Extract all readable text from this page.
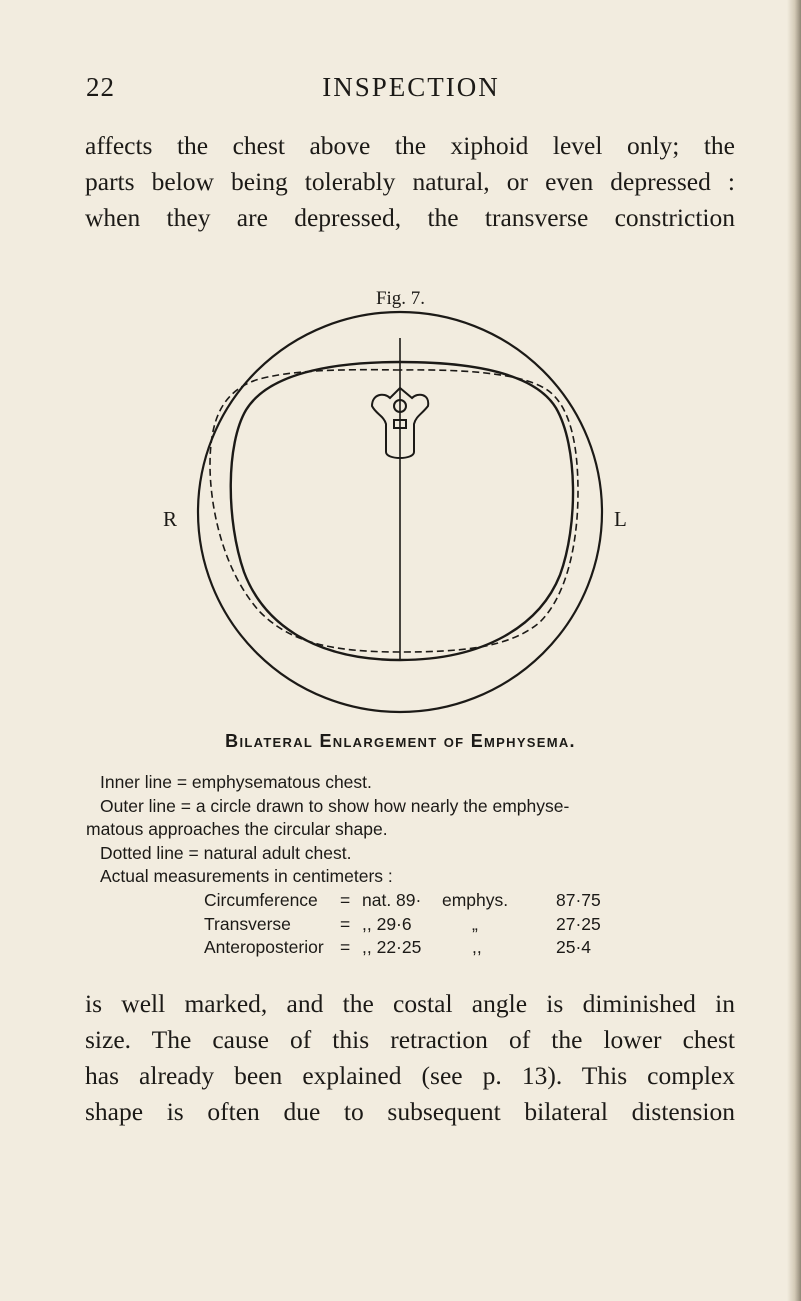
22	INSPECTION
affects the chest above the xiphoid level only; the
parts below being tolerably natural, or even depressed :
when they are depressed, the transverse constriction
Fig. 7.
R	L
Bilateral Enlargement of Emphysema.
Inner line = emphysematous chest.
Outer line = a circle drawn to show how nearly the emphyse-
matous approaches the circular shape.
Dotted line = natural adult chest.
Actual measurements in centimeters :
Circumference	=	nat. 89·	emphys.	87·75
Transverse	=	,, 29·6	„	27·25
Anteroposterior	=	,, 22·25	,,	25·4
is well marked, and the costal angle is diminished in
size. The cause of this retraction of the lower chest
has already been explained (see p. 13). This complex
shape is often due to subsequent bilateral distension
